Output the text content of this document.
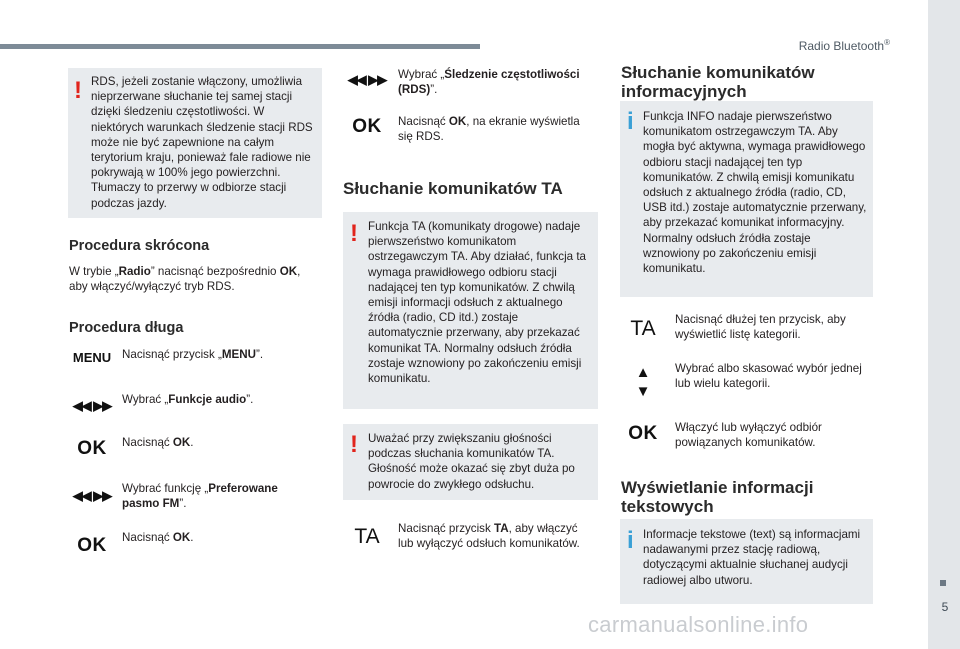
Radio Bluetooth®
5
! RDS, jeżeli zostanie włączony, umożliwia nieprzerwane słuchanie tej samej stacji dzięki śledzeniu częstotliwości. W niektórych warunkach śledzenie stacji RDS może nie być zapewnione na całym terytorium kraju, ponieważ fale radiowe nie pokrywają w 100% jego powierzchni. Tłumaczy to przerwy w odbiorze stacji podczas jazdy.
Procedura skrócona
W trybie „Radio” nacisnąć bezpośrednio OK, aby włączyć/wyłączyć tryb RDS.
Procedura długa
MENU Nacisnąć przycisk „MENU”.
◀◀ ▶▶ Wybrać „Funkcje audio”.
OK	Nacisnąć OK.
◀◀ ▶▶ Wybrać funkcję „Preferowane pasmo FM”.
OK	Nacisnąć OK.
◀◀ ▶▶	Wybrać „Śledzenie częstotliwości (RDS)”.
OK	Nacisnąć OK, na ekranie wyświetla się RDS.
Słuchanie komunikatów TA
! Funkcja TA (komunikaty drogowe) nadaje pierwszeństwo komunikatom ostrzegawczym TA. Aby działać, funkcja ta wymaga prawidłowego odbioru stacji nadającej ten typ komunikatów. Z chwilą emisji informacji odsłuch z aktualnego źródła (radio, CD itd.) zostaje automatycznie przerwany, aby przekazać komunikat TA. Normalny odsłuch źródła zostaje wznowiony po zakończeniu emisji komunikatu.
! Uważać przy zwiększaniu głośności podczas słuchania komunikatów TA. Głośność może okazać się zbyt duża po powrocie do zwykłego odsłuchu.
TA	Nacisnąć przycisk TA, aby włączyć lub wyłączyć odsłuch komunikatów.
Słuchanie komunikatów informacyjnych
i Funkcja INFO nadaje pierwszeństwo komunikatom ostrzegawczym TA. Aby mogła być aktywna, wymaga prawidłowego odbioru stacji nadającej ten typ komunikatów. Z chwilą emisji komunikatu odsłuch z aktualnego źródła (radio, CD, USB itd.) zostaje automatycznie przerwany, aby przekazać komunikat informacyjny. Normalny odsłuch źródła zostaje wznowiony po zakończeniu emisji komunikatu.
TA	Nacisnąć dłużej ten przycisk, aby wyświetlić listę kategorii.
▲
▼
Wybrać albo skasować wybór jednej lub wielu kategorii.
OK	Włączyć lub wyłączyć odbiór powiązanych komunikatów.
Wyświetlanie informacji tekstowych
i Informacje tekstowe (text) są informacjami nadawanymi przez stację radiową, dotyczącymi aktualnie słuchanej audycji radiowej albo utworu.
carmanualsonline.info
